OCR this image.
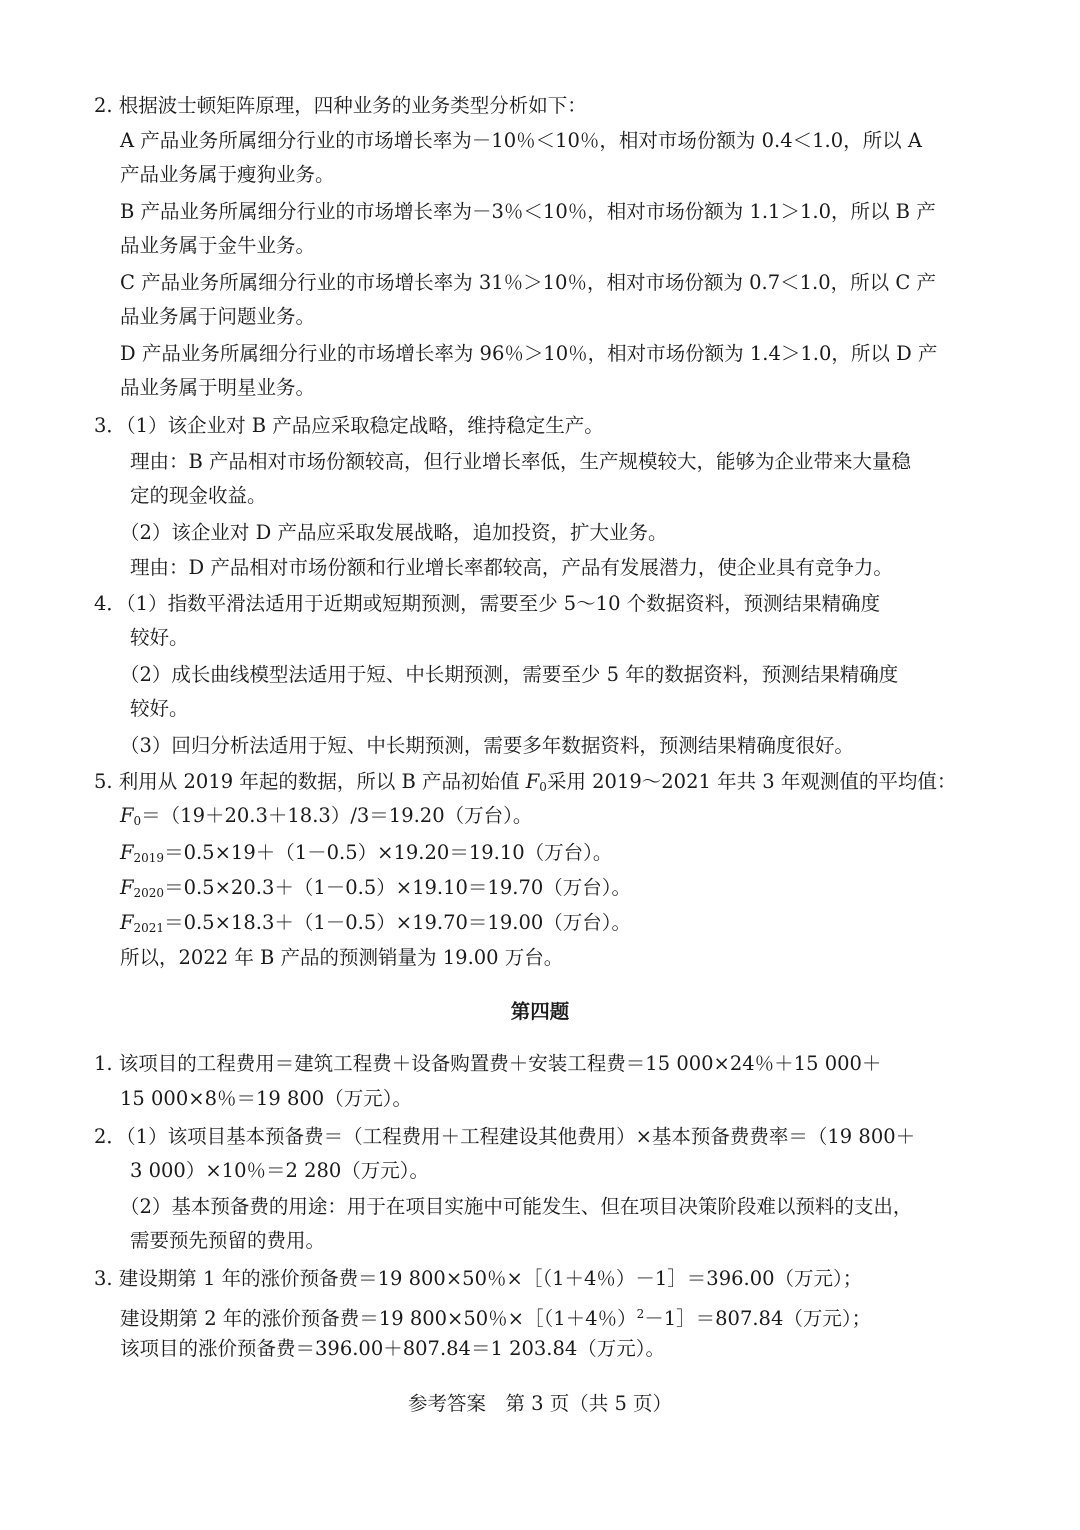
2. 根据波士顿矩阵原理，四种业务的业务类型分析如下：
A 产品业务所属细分行业的市场增长率为－10％＜10％，相对市场份额为 0.4＜1.0，所以 A
产品业务属于瘦狗业务。
B 产品业务所属细分行业的市场增长率为－3％＜10％，相对市场份额为 1.1＞1.0，所以 B 产
品业务属于金牛业务。
C 产品业务所属细分行业的市场增长率为 31％＞10％，相对市场份额为 0.7＜1.0，所以 C 产
品业务属于问题业务。
D 产品业务所属细分行业的市场增长率为 96％＞10％，相对市场份额为 1.4＞1.0，所以 D 产
品业务属于明星业务。
3．（1）该企业对 B 产品应采取稳定战略，维持稳定生产。
理由：B 产品相对市场份额较高，但行业增长率低，生产规模较大，能够为企业带来大量稳
定的现金收益。
（2）该企业对 D 产品应采取发展战略，追加投资，扩大业务。
理由：D 产品相对市场份额和行业增长率都较高，产品有发展潜力，使企业具有竞争力。
4．（1）指数平滑法适用于近期或短期预测，需要至少 5～10 个数据资料，预测结果精确度
较好。
（2）成长曲线模型法适用于短、中长期预测，需要至少 5 年的数据资料，预测结果精确度
较好。
（3）回归分析法适用于短、中长期预测，需要多年数据资料，预测结果精确度很好。
5. 利用从 2019 年起的数据，所以 B 产品初始值 $F_0$采用 2019～2021 年共 3 年观测值的平均值：
$F_0=(19+20.3+18.3)/3=19.20$（万台）。
$F_{2019}=0.5\times 19+(1-0.5)\times 19.20=19.10$（万台）。
$F_{2020}=0.5\times 20.3+(1-0.5)\times 19.10=19.70$（万台）。
$F_{2021}=0.5\times 18.3+(1-0.5)\times 19.70=19.00$（万台）。
所以，2022 年 B 产品的预测销量为 19.00 万台。
第四题
1. 该项目的工程费用＝建筑工程费＋设备购置费＋安装工程费＝15 000×24％＋15 000＋
15 000×8％＝19 800（万元）。
2．（1）该项目基本预备费＝（工程费用＋工程建设其他费用）×基本预备费费率＝（19 800＋
3 000）×10％＝2 280（万元）。
（2）基本预备费的用途：用于在项目实施中可能发生、但在项目决策阶段难以预料的支出，
需要预先预留的费用。
3. 建设期第 1 年的涨价预备费＝19 800×50％×［（1＋4％）－1］＝396.00（万元）；
建设期第 2 年的涨价预备费＝19 800×50％×［（1＋4％）$^2$－1］＝807.84（万元）；
该项目的涨价预备费＝396.00＋807.84＝1 203.84（万元）。
参考答案　第 3 页（共 5 页）
